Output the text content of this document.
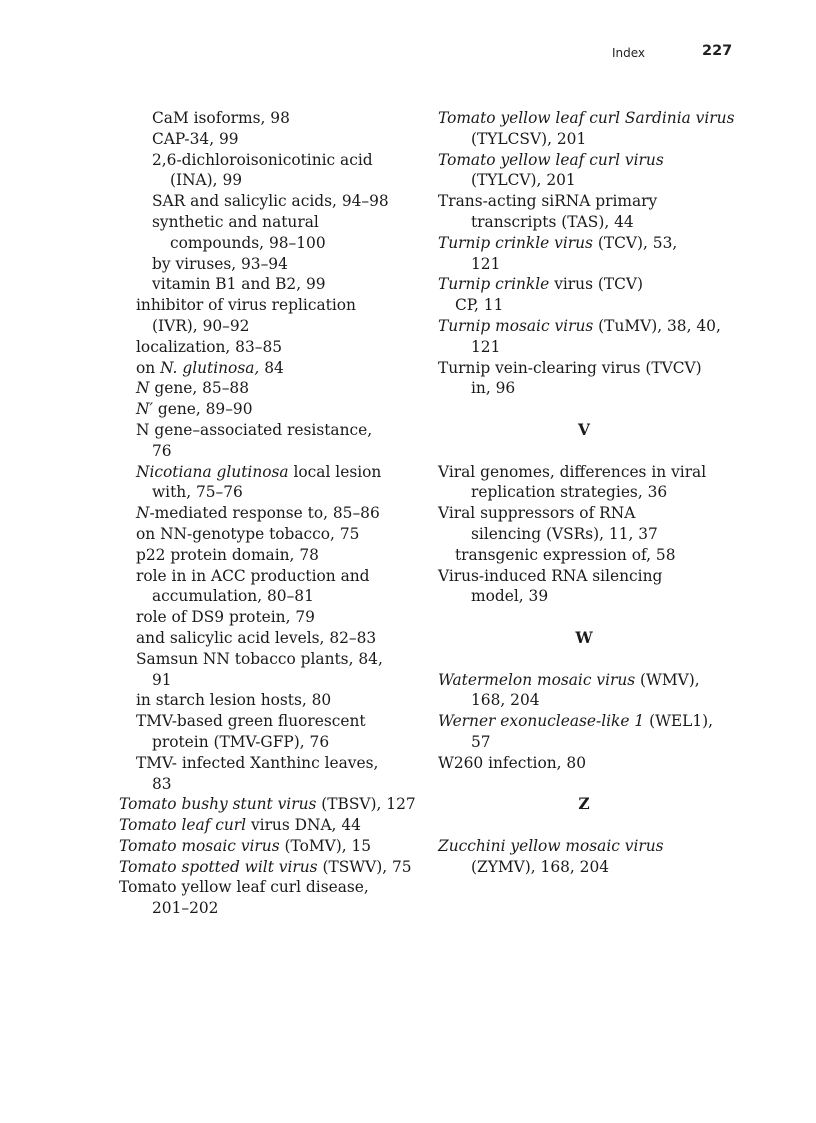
Index	227
CaM isoforms, 98
CAP-34, 99
2,6-dichloroisonicotinic acid
(INA), 99
SAR and salicylic acids, 94–98
synthetic and natural
compounds, 98–100
by viruses, 93–94
vitamin B1 and B2, 99
inhibitor of virus replication
(IVR), 90–92
localization, 83–85
on N. glutinosa, 84
N gene, 85–88
N′ gene, 89–90
N gene–associated resistance,
76
Nicotiana glutinosa local lesion
with, 75–76
N-mediated response to, 85–86
on NN-genotype tobacco, 75
p22 protein domain, 78
role in in ACC production and
accumulation, 80–81
role of DS9 protein, 79
and salicylic acid levels, 82–83
Samsun NN tobacco plants, 84,
91
in starch lesion hosts, 80
TMV-based green fluorescent
protein (TMV-GFP), 76
TMV- infected Xanthinc leaves,
83
Tomato bushy stunt virus (TBSV), 127
Tomato leaf curl virus DNA, 44
Tomato mosaic virus (ToMV), 15
Tomato spotted wilt virus (TSWV), 75
Tomato yellow leaf curl disease,
201–202
Tomato yellow leaf curl Sardinia virus
(TYLCSV), 201
Tomato yellow leaf curl virus
(TYLCV), 201
Trans-acting siRNA primary
transcripts (TAS), 44
Turnip crinkle virus (TCV), 53,
121
Turnip crinkle virus (TCV)
CP, 11
Turnip mosaic virus (TuMV), 38, 40,
121
Turnip vein-clearing virus (TVCV)
in, 96
V
Viral genomes, differences in viral
replication strategies, 36
Viral suppressors of RNA
silencing (VSRs), 11, 37
transgenic expression of, 58
Virus-induced RNA silencing
model, 39
W
Watermelon mosaic virus (WMV),
168, 204
Werner exonuclease-like 1 (WEL1),
57
W260 infection, 80
Z
Zucchini yellow mosaic virus
(ZYMV), 168, 204
